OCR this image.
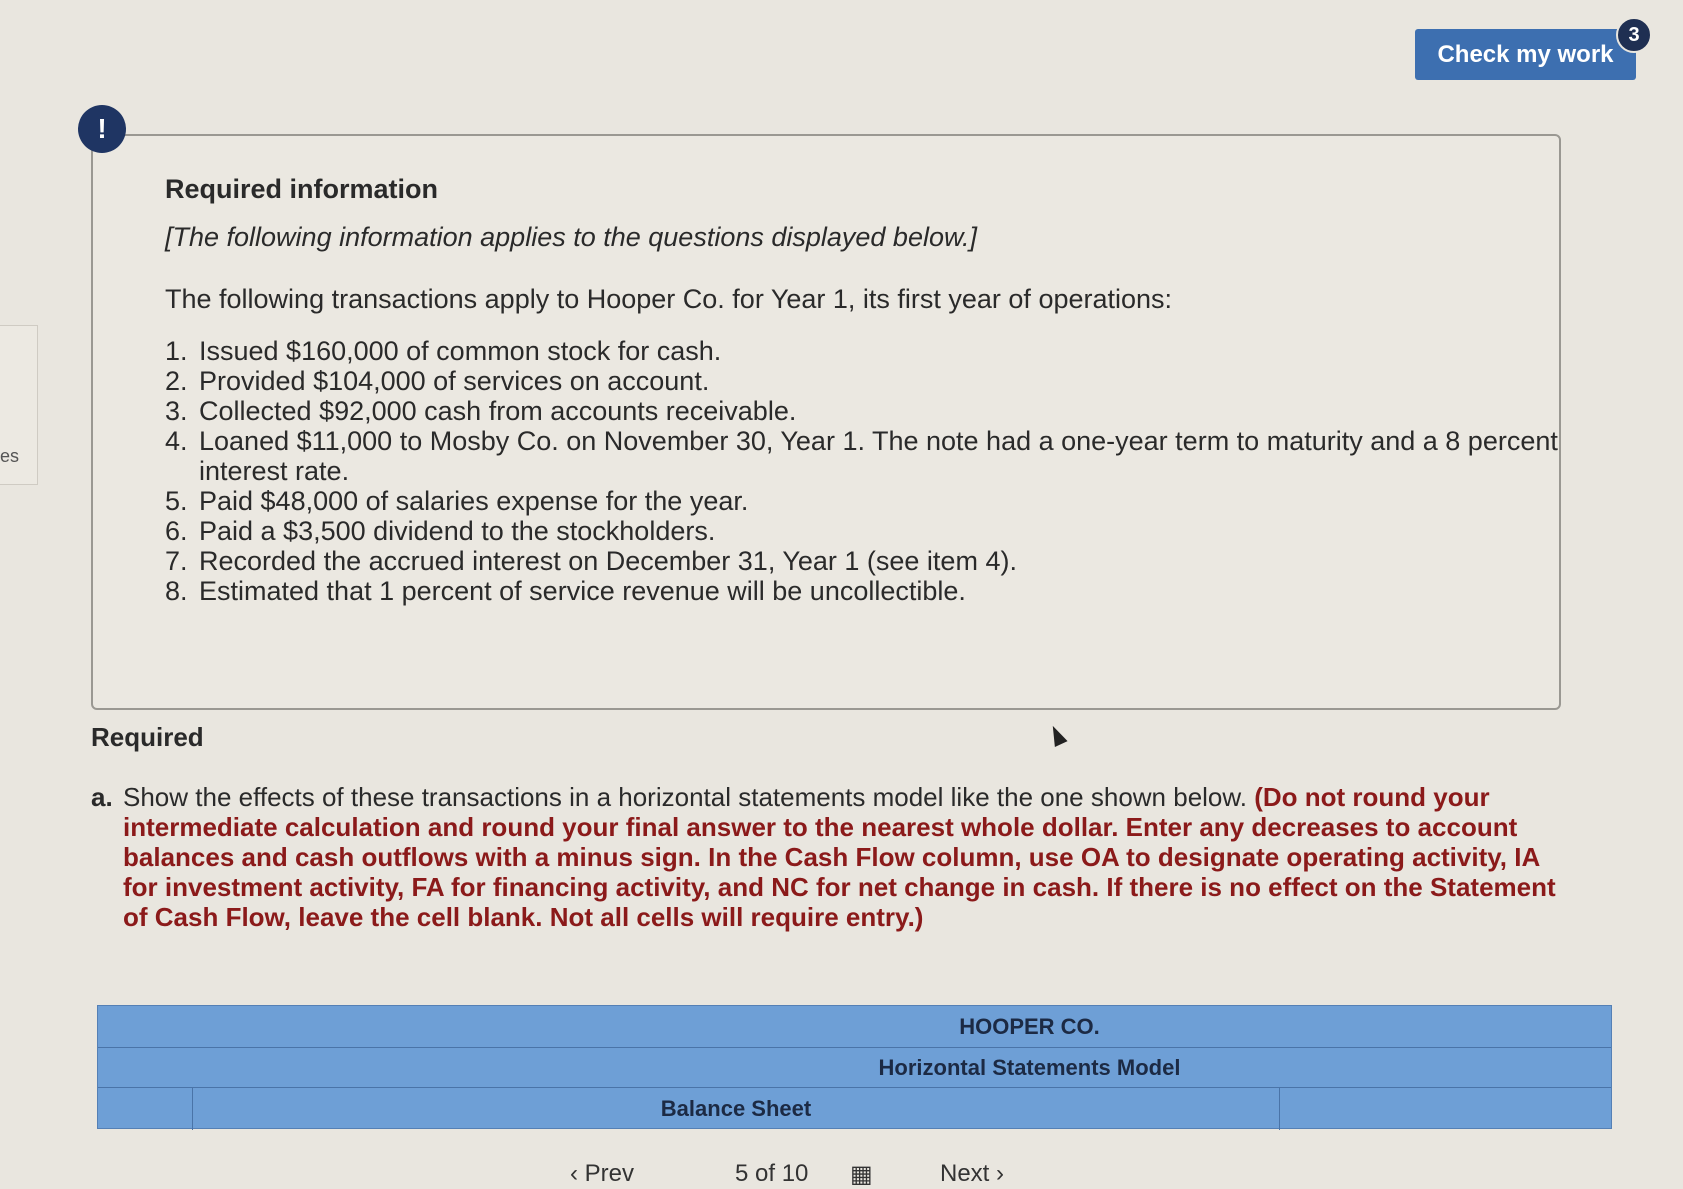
es
Check my work
3
Required information
[The following information applies to the questions displayed below.]
The following transactions apply to Hooper Co. for Year 1, its first year of operations:
1. Issued $160,000 of common stock for cash.
2. Provided $104,000 of services on account.
3. Collected $92,000 cash from accounts receivable.
4. Loaned $11,000 to Mosby Co. on November 30, Year 1. The note had a one-year term to maturity and a 8 percent interest rate.
5. Paid $48,000 of salaries expense for the year.
6. Paid a $3,500 dividend to the stockholders.
7. Recorded the accrued interest on December 31, Year 1 (see item 4).
8. Estimated that 1 percent of service revenue will be uncollectible.
!
Required
a. Show the effects of these transactions in a horizontal statements model like the one shown below. (Do not round your intermediate calculation and round your final answer to the nearest whole dollar. Enter any decreases to account balances and cash outflows with a minus sign. In the Cash Flow column, use OA to designate operating activity, IA for investment activity, FA for financing activity, and NC for net change in cash. If there is no effect on the Statement of Cash Flow, leave the cell blank. Not all cells will require entry.)
HOOPER CO.
Horizontal Statements Model
Balance Sheet
‹ Prev	5 of 10 ▦	Next ›
